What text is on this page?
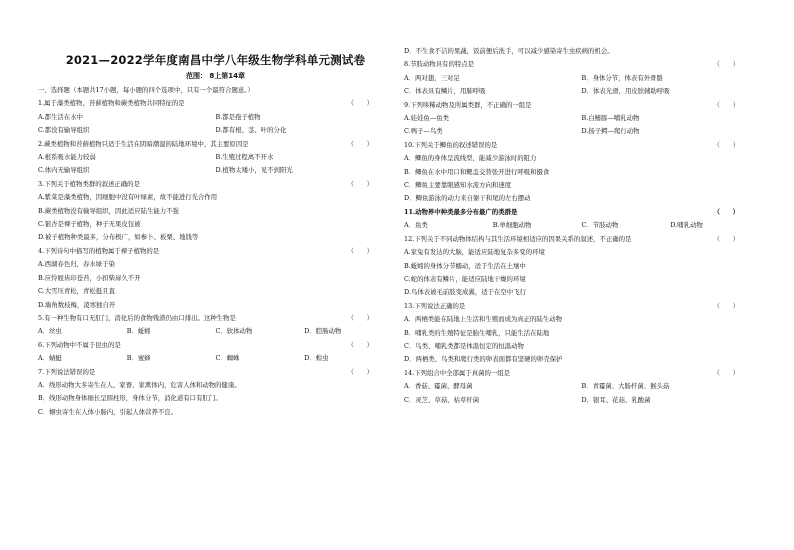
2021—2022学年度南昌中学八年级生物学科单元测试卷
范围： 8上第14章
一、选择题（本题共17小题，每小题的四个选项中，只有一个最符合题意。）
1.属于藻类植物、苔藓植物和蕨类植物共同特征的是	（　　）
A.都生活在水中	B.都是孢子植物
C.都没有输导组织	D.都有根、茎、叶的分化
2.蕨类植物和苔藓植物只适于生活在阴暗潮湿的陆地环境中，其主要原因是	（　　）
A.根系吸水能力较弱	B.生殖过程离不开水
C.体内无输导组织	D.植物太矮小，见不到阳光
3.下列关于植物类群的叙述正确的是	（　　）
A.紫菜是藻类植物，因细胞中没有叶绿素，故不能进行光合作用
B.蕨类植物没有输导组织，因此适应陆生能力不强
C.银杏是裸子植物，种子无果皮包被
D.被子植物种类最多，分布极广，如参卜、板栗、地钱等
4.下列诗句中描写的植物属于裸子植物的是	（　　）
A.西湖春色归，春水绿于染
B.应怜屐齿印苍苔，小扣柴扉久不开
C.大雪压青松，青松挺且直
D.墙角数枝梅，凌寒独自开
5.有一种生物有口无肛门，消化后的食物残渣仍由口排出。这种生物是	（　　）
A．丝虫	B．蚯蚓	C．软体动物	D．腔肠动物
6.下列动物中不属于昆虫的是	（　　）
A．蜻蜓	B．蜜蜂	C．蜘蛛	D．蝗虫
7.下列说法错误的是	（　　）
A．线形动物大多寄生在人、家畜、家禽体内，危害人体和动物的健康。
B．线形动物身体细长呈圆柱形，身体分节，消化道有口有肛门。
C．蛔虫寄生在人体小肠内，引起人体营养不良。
D．不生食不洁的果蔬，饭前便后洗手，可以减少感染寄生虫疾病的机会。
8.节肢动物具有的特点是	（　　）
A．两对翅，三对足	B．身体分节，体表有外骨骼
C．体表具有鳞片，用肺呼吸	D．体表光滑，用皮肤辅助呼吸
9.下列哆稀动物及所属类群，不正确的一组是	（　　）
A.娃娃鱼—鱼类	B.白鳍豚—哺乳动物
C.鸭子—鸟类	D.扬子鳄—爬行动物
10.下列关于鲫鱼的叙述错误的是	（　　）
A．鲫鱼的身体呈流线型，能减少游泳时的阻力
B．鲫鱼在水中用口和鳃盖交替张开进行呼吸和摄食
C．鲫鱼主要靠眼感知水流方向和速度
D．鲫鱼游泳的动力来自躯干和尾的左右摆动
11.动物界中种类最多分布最广的类群是	（　　）
A．鱼类	B.单细胞动物	C．节肢动物	D.哺乳动物
12.下列关于不同动物体结构与其生活环境相适应的因果关系的叙述，不正确的是	（　　）
A.家兔有发达的大脑，能适应陆地复杂多变的环境
B.蚯蚓的身体分节蠕动，适于生活在土壤中
C.蛇的体表有鳞片，能适应陆地干燥的环境
D.鸟体表被毛前肢变成翼，适于在空中飞行
13.下列说法正确的是	（　　）
A．两栖类能在陆地上生活和生殖而成为真正的陆生动物
B．哺乳类的生殖特征是胎生哺乳，只能生活在陆地
C．鸟类、哺乳类都是体温恒定的恒温动物
D．两栖类、鸟类和爬行类的卵表面都有坚硬的卵壳保护
14.下列组合中全部属于真菌的一组是	（　　）
A．香菇、霉菌、酵母菌	B．青霉菌、大肠杆菌、猴头菇
C．灵芝、草菇、枯草杆菌	D．银耳、花菇、乳酸菌
